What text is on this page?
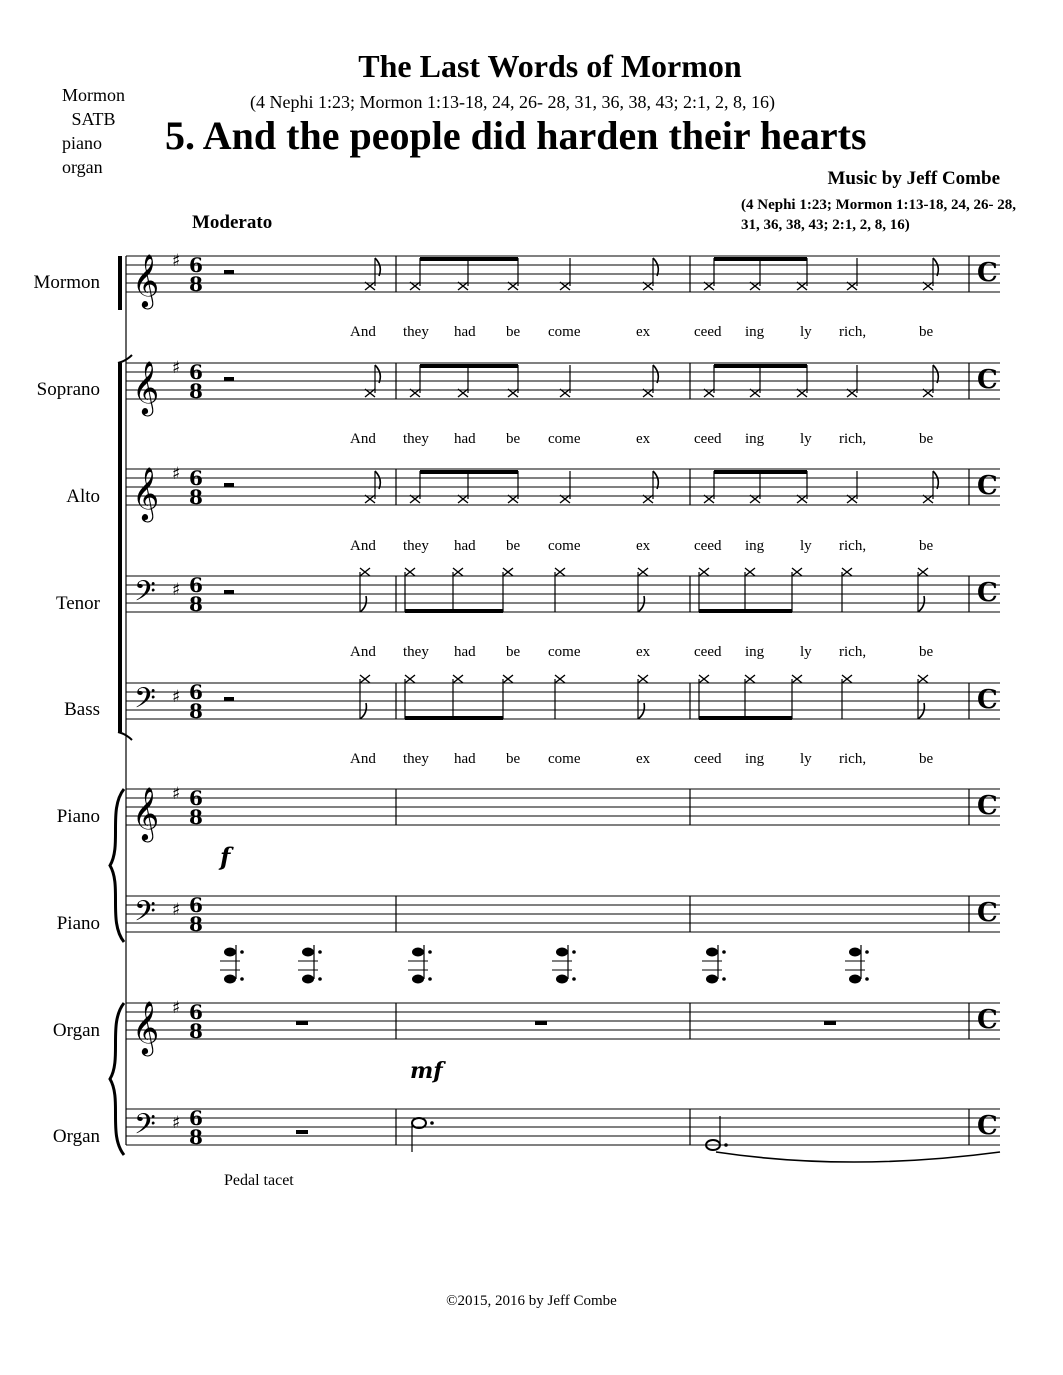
The Last Words of Mormon
(4 Nephi 1:23; Mormon 1:13-18, 24, 26- 28, 31, 36, 38, 43; 2:1, 2, 8, 16)
5. And the people did harden their hearts
Mormon
SATB
piano
organ
Music by Jeff Combe
(4 Nephi 1:23; Mormon 1:13-18, 24, 26- 28, 31, 36, 38, 43; 2:1, 2, 8, 16)
Moderato
Mormon
Soprano
Alto
Tenor
Bass
Piano
Piano
Organ
Organ
And they had be come	ex	ceed ing ly rich,	be
And they had be come	ex	ceed ing ly rich,	be
And they had be come	ex	ceed ing ly rich,	be
And they had be come	ex	ceed ing ly rich,	be
And they had be come	ex	ceed ing ly rich,	be
𝄞 ♯ 6
8	C
𝄞 ♯ 6
8	C
𝄞 ♯ 6
8	C
𝄢 ♯ 6
8	C
𝄢 ♯ 6
8	C
𝄞 ♯ 6
8	C
𝄢 ♯ 6
8	C
𝄞 ♯ 6
8	C
𝄢 ♯ 6
8	C
f
mf
Pedal tacet
©2015, 2016 by Jeff Combe
